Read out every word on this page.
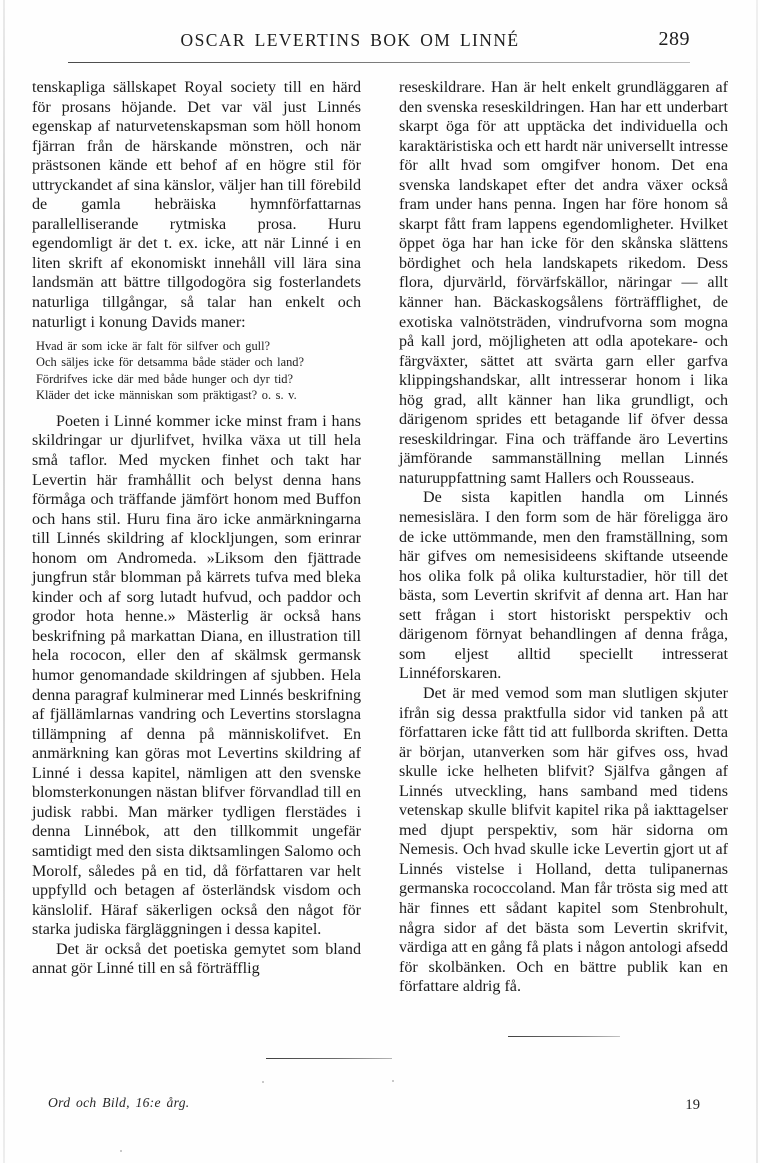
OSCAR LEVERTINS BOK OM LINNÉ	289

tenskapliga sällskapet Royal society till en härd för prosans höjande. Det var väl just Linnés egenskap af naturvetenskapsman som höll honom fjärran från de härskande mönstren, och när prästsonen kände ett behof af en högre stil för uttryckandet af sina känslor, väljer han till förebild de gamla hebräiska hymnförfattarnas parallelliserande rytmiska prosa. Huru egendomligt är det t. ex. icke, att när Linné i en liten skrift af ekonomiskt innehåll vill lära sina landsmän att bättre tillgodogöra sig fosterlandets naturliga tillgångar, så talar han enkelt och naturligt i konung Davids maner:

Hvad är som icke är falt för silfver och gull?
Och säljes icke för detsamma både städer och land?
Fördrifves icke där med både hunger och dyr tid?
Kläder det icke människan som präktigast? o. s. v.

Poeten i Linné kommer icke minst fram i hans skildringar ur djurlifvet, hvilka växa ut till hela små taflor. Med mycken finhet och takt har Levertin här framhållit och belyst denna hans förmåga och träffande jämfört honom med Buffon och hans stil. Huru fina äro icke anmärkningarna till Linnés skildring af klockljungen, som erinrar honom om Andromeda. »Liksom den fjättrade jungfrun står blomman på kärrets tufva med bleka kinder och af sorg lutadt hufvud, och paddor och grodor hota henne.» Mästerlig är också hans beskrifning på markattan Diana, en illustration till hela rococon, eller den af skälmsk germansk humor genomandade skildringen af sjubben. Hela denna paragraf kulminerar med Linnés beskrifning af fjällämlarnas vandring och Levertins storslagna tillämpning af denna på människolifvet. En anmärkning kan göras mot Levertins skildring af Linné i dessa kapitel, nämligen att den svenske blomsterkonungen nästan blifver förvandlad till en judisk rabbi. Man märker tydligen flerstädes i denna Linnébok, att den tillkommit ungefär samtidigt med den sista diktsamlingen Salomo och Morolf, således på en tid, då författaren var helt uppfylld och betagen af österländsk visdom och känslolif. Häraf säkerligen också den något för starka judiska färgläggningen i dessa kapitel.

Det är också det poetiska gemytet som bland annat gör Linné till en så förträfflig

reseskildrare. Han är helt enkelt grundläggaren af den svenska reseskildringen. Han har ett underbart skarpt öga för att upptäcka det individuella och karaktäristiska och ett hardt när universellt intresse för allt hvad som omgifver honom. Det ena svenska landskapet efter det andra växer också fram under hans penna. Ingen har före honom så skarpt fått fram lappens egendomligheter. Hvilket öppet öga har han icke för den skånska slättens bördighet och hela landskapets rikedom. Dess flora, djurvärld, förvärfskällor, näringar — allt känner han. Bäckaskogsålens förträfflighet, de exotiska valnötsträden, vindrufvorna som mogna på kall jord, möjligheten att odla apotekare- och färgväxter, sättet att svärta garn eller garfva klippingshandskar, allt intresserar honom i lika hög grad, allt känner han lika grundligt, och därigenom sprides ett betagande lif öfver dessa reseskildringar. Fina och träffande äro Levertins jämförande sammanställning mellan Linnés naturuppfattning samt Hallers och Rousseaus.

De sista kapitlen handla om Linnés nemesislära. I den form som de här föreligga äro de icke uttömmande, men den framställning, som här gifves om nemesisideens skiftande utseende hos olika folk på olika kulturstadier, hör till det bästa, som Levertin skrifvit af denna art. Han har sett frågan i stort historiskt perspektiv och därigenom förnyat behandlingen af denna fråga, som eljest alltid speciellt intresserat Linnéforskaren.

Det är med vemod som man slutligen skjuter ifrån sig dessa praktfulla sidor vid tanken på att författaren icke fått tid att fullborda skriften. Detta är början, utanverken som här gifves oss, hvad skulle icke helheten blifvit? Själfva gången af Linnés utveckling, hans samband med tidens vetenskap skulle blifvit kapitel rika på iakttagelser med djupt perspektiv, som här sidorna om Nemesis. Och hvad skulle icke Levertin gjort ut af Linnés vistelse i Holland, detta tulipanernas germanska rococcoland. Man får trösta sig med att här finnes ett sådant kapitel som Stenbrohult, några sidor af det bästa som Levertin skrifvit, värdiga att en gång få plats i någon antologi afsedd för skolbänken. Och en bättre publik kan en författare aldrig få.

Ord och Bild, 16:e årg.	19
